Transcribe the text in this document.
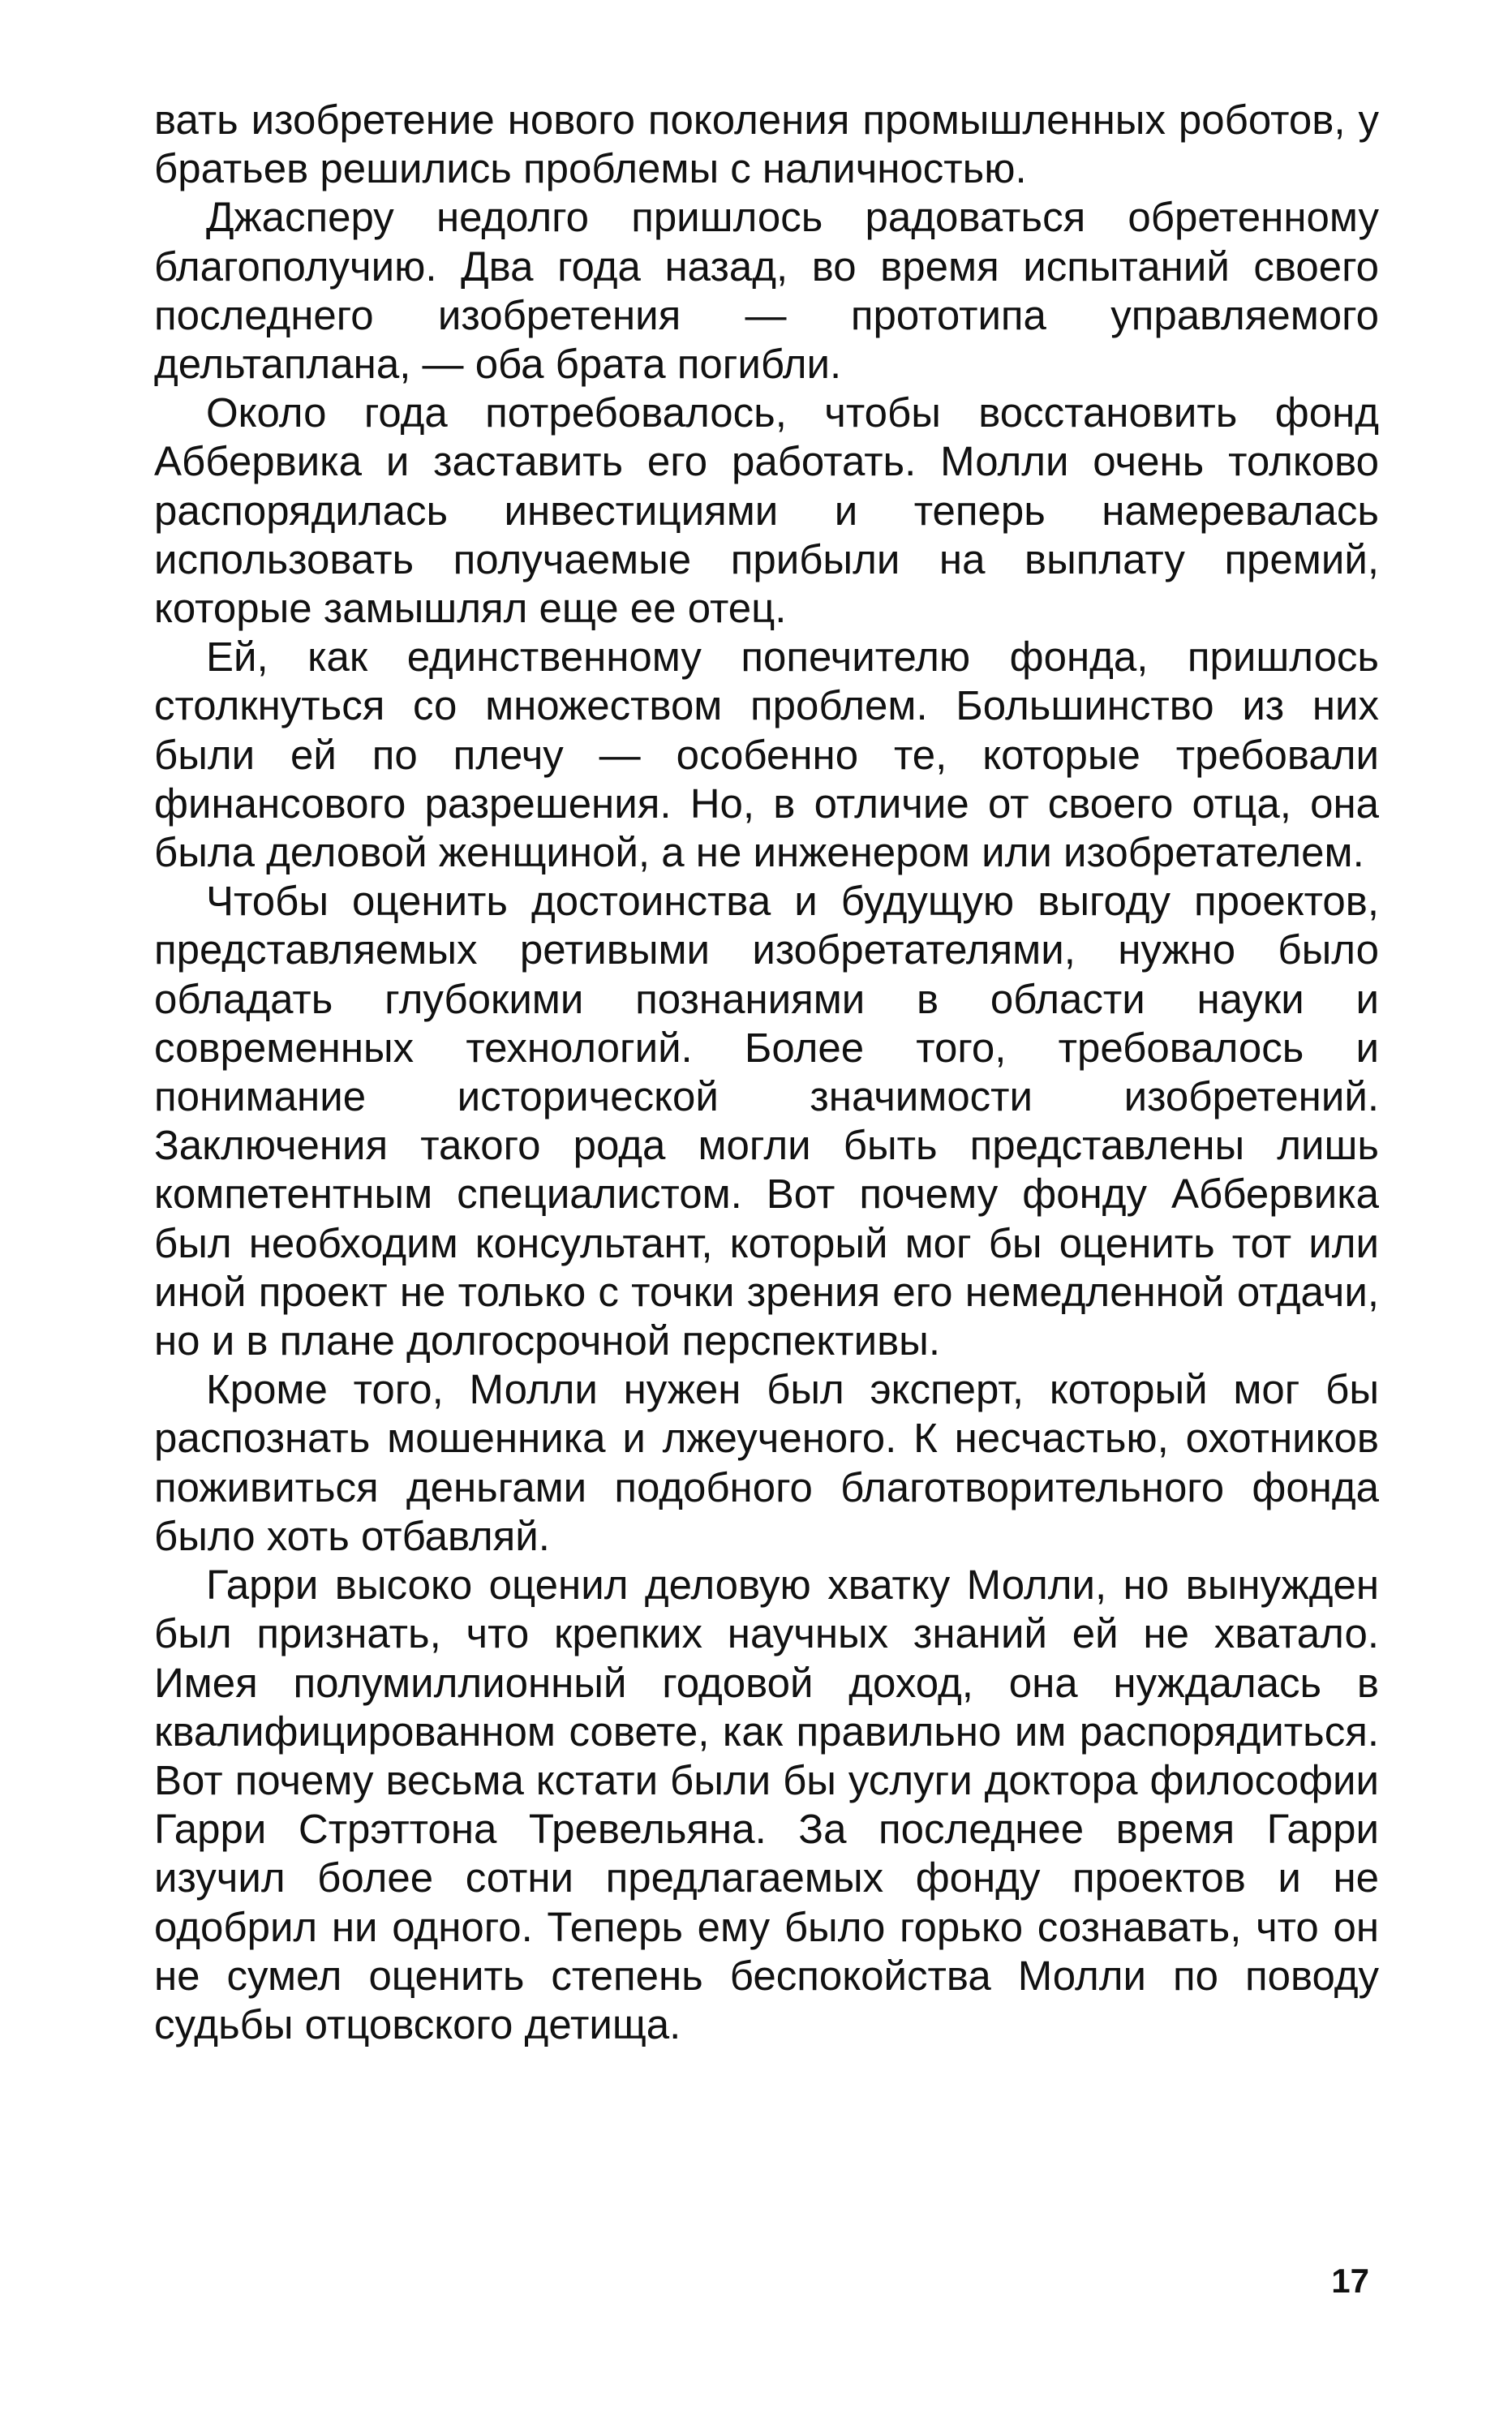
вать изобретение нового поколения промышленных роботов, у братьев решились проблемы с наличностью.

Джасперу недолго пришлось радоваться обретенному благополучию. Два года назад, во время испытаний своего последнего изобретения — прототипа управляемого дельтаплана, — оба брата погибли.

Около года потребовалось, чтобы восстановить фонд Аббервика и заставить его работать. Молли очень толково распорядилась инвестициями и теперь намеревалась использовать получаемые прибыли на выплату премий, которые замышлял еще ее отец.

Ей, как единственному попечителю фонда, пришлось столкнуться со множеством проблем. Большинство из них были ей по плечу — особенно те, которые требовали финансового разрешения. Но, в отличие от своего отца, она была деловой женщиной, а не инженером или изобретателем.

Чтобы оценить достоинства и будущую выгоду проектов, представляемых ретивыми изобретателями, нужно было обладать глубокими познаниями в области науки и современных технологий. Более того, требовалось и понимание исторической значимости изобретений. Заключения такого рода могли быть представлены лишь компетентным специалистом. Вот почему фонду Аббервика был необходим консультант, который мог бы оценить тот или иной проект не только с точки зрения его немедленной отдачи, но и в плане долгосрочной перспективы.

Кроме того, Молли нужен был эксперт, который мог бы распознать мошенника и лжеученого. К несчастью, охотников поживиться деньгами подобного благотворительного фонда было хоть отбавляй.

Гарри высоко оценил деловую хватку Молли, но вынужден был признать, что крепких научных знаний ей не хватало. Имея полумиллионный годовой доход, она нуждалась в квалифицированном совете, как правильно им распорядиться. Вот почему весьма кстати были бы услуги доктора философии Гарри Стрэттона Тревельяна. За последнее время Гарри изучил более сотни предлагаемых фонду проектов и не одобрил ни одного. Теперь ему было горько сознавать, что он не сумел оценить степень беспокойства Молли по поводу судьбы отцовского детища.

17
